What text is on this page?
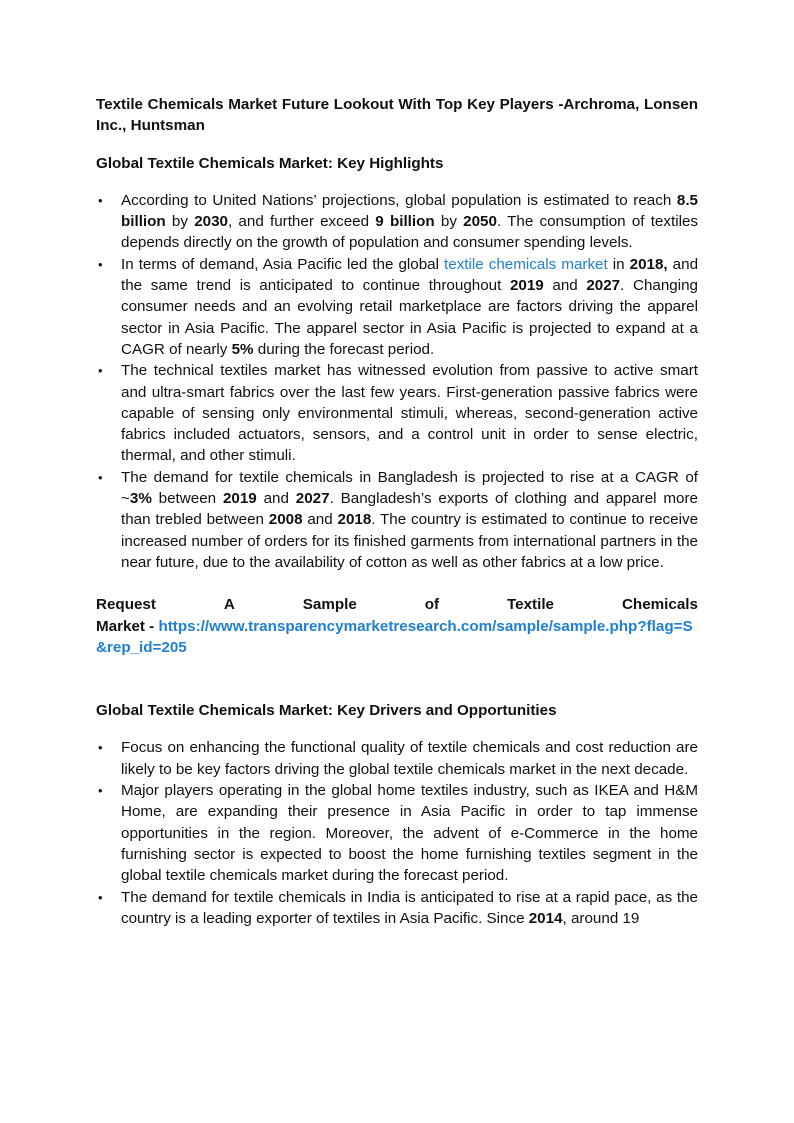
Textile Chemicals Market Future Lookout With Top Key Players -Archroma, Lonsen Inc., Huntsman

Global Textile Chemicals Market: Key Highlights

• According to United Nations’ projections, global population is estimated to reach 8.5 billion by 2030, and further exceed 9 billion by 2050. The consumption of textiles depends directly on the growth of population and consumer spending levels.
• In terms of demand, Asia Pacific led the global textile chemicals market in 2018, and the same trend is anticipated to continue throughout 2019 and 2027. Changing consumer needs and an evolving retail marketplace are factors driving the apparel sector in Asia Pacific. The apparel sector in Asia Pacific is projected to expand at a CAGR of nearly 5% during the forecast period.
• The technical textiles market has witnessed evolution from passive to active smart and ultra-smart fabrics over the last few years. First-generation passive fabrics were capable of sensing only environmental stimuli, whereas, second-generation active fabrics included actuators, sensors, and a control unit in order to sense electric, thermal, and other stimuli.
• The demand for textile chemicals in Bangladesh is projected to rise at a CAGR of ~3% between 2019 and 2027. Bangladesh’s exports of clothing and apparel more than trebled between 2008 and 2018. The country is estimated to continue to receive increased number of orders for its finished garments from international partners in the near future, due to the availability of cotton as well as other fabrics at a low price.
Request	A	Sample	of	Textile	Chemicals
Market - https://www.transparencymarketresearch.com/sample/sample.php?flag=S&rep_id=205

Global Textile Chemicals Market: Key Drivers and Opportunities

• Focus on enhancing the functional quality of textile chemicals and cost reduction are likely to be key factors driving the global textile chemicals market in the next decade.
• Major players operating in the global home textiles industry, such as IKEA and H&M Home, are expanding their presence in Asia Pacific in order to tap immense opportunities in the region. Moreover, the advent of e-Commerce in the home furnishing sector is expected to boost the home furnishing textiles segment in the global textile chemicals market during the forecast period.
• The demand for textile chemicals in India is anticipated to rise at a rapid pace, as the country is a leading exporter of textiles in Asia Pacific. Since 2014, around 19
